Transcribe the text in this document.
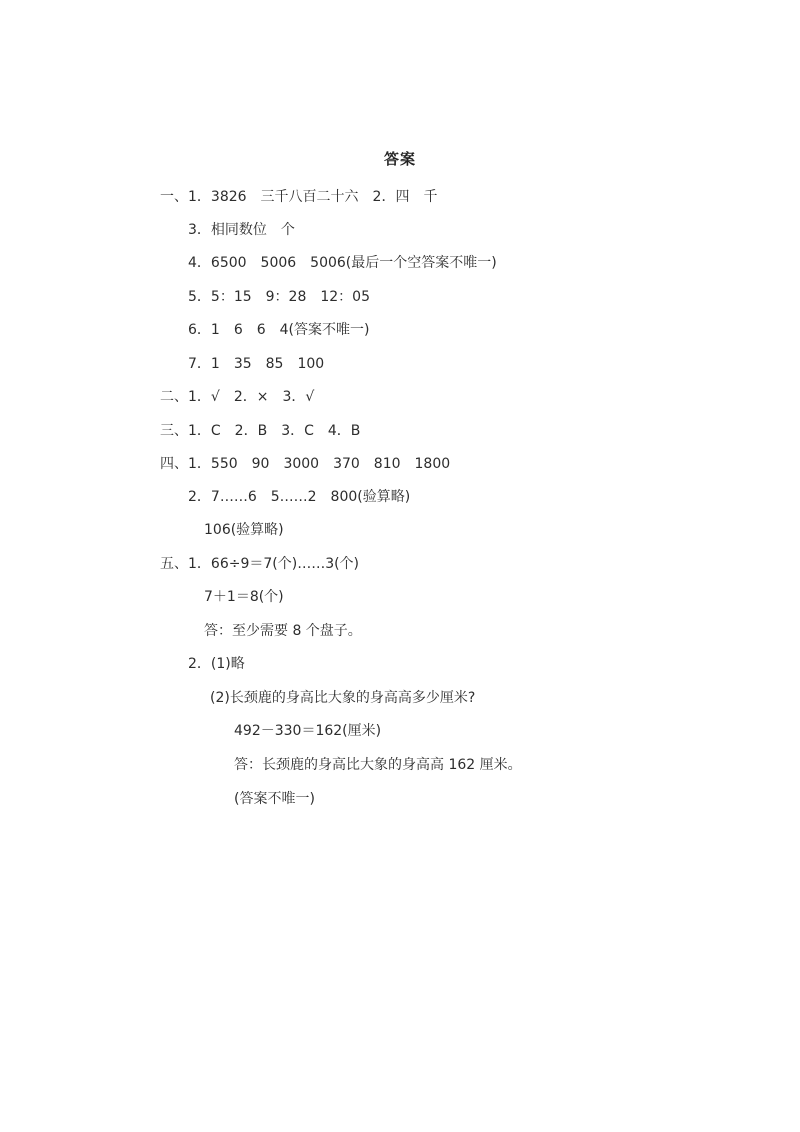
答案
一、1．3826　三千八百二十六　2．四　千
3．相同数位　个
4．6500　5006　5006(最后一个空答案不唯一)
5．5：15　9：28　12：05
6．1　6　6　4(答案不唯一)
7．1　35　85　100
二、1．√　2．×　3．√
三、1．C　2．B　3．C　4．B
四、1．550　90　3000　370　810　1800
2．7……6　5……2　800(验算略)
106(验算略)
五、1．66÷9＝7(个)……3(个)
7＋1＝8(个)
答：至少需要 8 个盘子。
2．(1)略
(2)长颈鹿的身高比大象的身高高多少厘米?
492－330＝162(厘米)
答：长颈鹿的身高比大象的身高高 162 厘米。
(答案不唯一)
